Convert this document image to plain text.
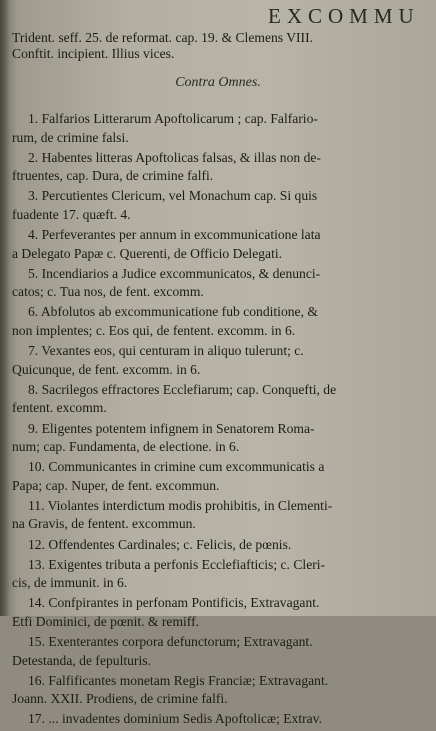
EXCOMMU
Trident. seff. 25. de reformat. cap. 19. & Clemens VIII.
Conftit. incipient. Illius vices.
Contra Omnes.
1. Falfarios Litterarum Apoftolicarum ; cap. Falfario-
rum, de crimine falsi.
2. Habentes litteras Apoftolicas falsas, & illas non de-
ftruentes, cap. Dura, de crimine falfi.
3. Percutientes Clericum, vel Monachum cap. Si quis
fuadente 17. quæft. 4.
4. Perfeverantes per annum in excommunicatione lata
a Delegato Papæ c. Querenti, de Officio Delegati.
5. Incendiarios a Judice excommunicatos, & denunci-
catos; c. Tua nos, de fent. excomm.
6. Abfolutos ab excommunicatione fub conditione, &
non implentes; c. Eos qui, de fentent. excomm. in 6.
7. Vexantes eos, qui centuram in aliquo tulerunt; c.
Quicunque, de fent. excomm. in 6.
8. Sacrilegos effractores Ecclefiarum; cap. Conquefti, de
fentent. excomm.
9. Eligentes potentem infignem in Senatorem Roma-
num; cap. Fundamenta, de electione. in 6.
10. Communicantes in crimine cum excommunicatis a
Papa; cap. Nuper, de fent. excommun.
11. Violantes interdictum modis prohibitis, in Clementi-
na Gravis, de fentent. excommun.
12. Offendentes Cardinales; c. Felicis, de pœnis.
13. Exigentes tributa a perfonis Ecclefiafticis; c. Cleri-
cis, de immunit. in 6.
14. Confpirantes in perfonam Pontificis, Extravagant.
Etfi Dominici, de pœnit. & remiff.
15. Exenterantes corpora defunctorum; Extravagant.
Detestanda, de fepulturis.
16. Falfificantes monetam Regis Franciæ; Extravagant.
Joann. XXII. Prodiens, de crimine falfi.
17. ... invadentes dominium Sedis Apoftolicæ; Extrav.
